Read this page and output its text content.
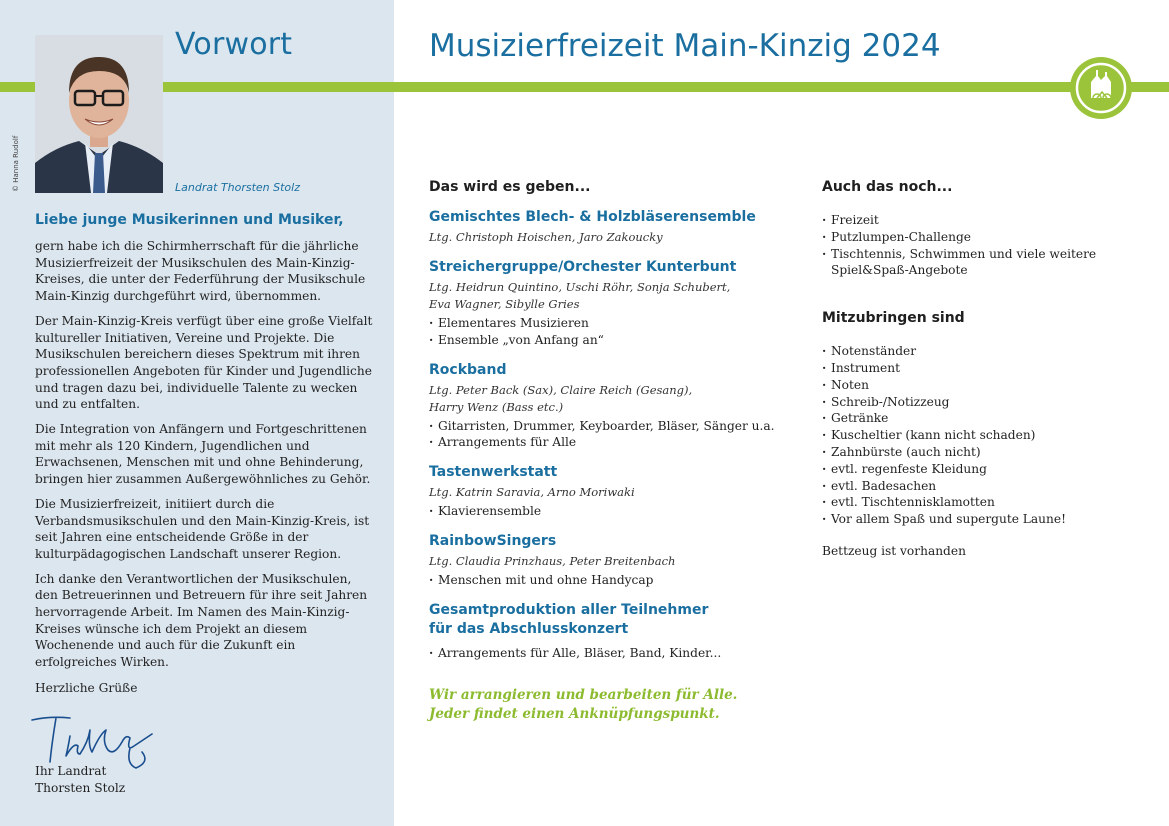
© Hanna Rudolf
Vorwort
Landrat Thorsten Stolz
Liebe junge Musikerinnen und Musiker,

gern habe ich die Schirmherrschaft für die jährliche Musizierfreizeit der Musikschulen des Main-Kinzig-Kreises, die unter der Federführung der Musikschule Main-Kinzig durchgeführt wird, übernommen.

Der Main-Kinzig-Kreis verfügt über eine große Vielfalt kultureller Initiativen, Vereine und Projekte. Die Musikschulen bereichern dieses Spektrum mit ihren professionellen Angeboten für Kinder und Jugendliche und tragen dazu bei, individuelle Talente zu wecken und zu entfalten.

Die Integration von Anfängern und Fortgeschrittenen mit mehr als 120 Kindern, Jugendlichen und Erwachsenen, Menschen mit und ohne Behinderung, bringen hier zusammen Außergewöhnliches zu Gehör.

Die Musizierfreizeit, initiiert durch die Verbandsmusikschulen und den Main-Kinzig-Kreis, ist seit Jahren eine entscheidende Größe in der kulturpädagogischen Landschaft unserer Region.

Ich danke den Verantwortlichen der Musikschulen, den Betreuerinnen und Betreuern für ihre seit Jahren hervorragende Arbeit. Im Namen des Main-Kinzig-Kreises wünsche ich dem Projekt an diesem Wochenende und auch für die Zukunft ein erfolgreiches Wirken.

Herzliche Grüße
Ihr Landrat
Thorsten Stolz
Musizierfreizeit Main-Kinzig 2024
Das wird es geben...
Gemischtes Blech- & Holzbläserensemble
Ltg. Christoph Hoischen, Jaro Zakoucky
Streichergruppe/Orchester Kunterbunt
Ltg. Heidrun Quintino, Uschi Röhr, Sonja Schubert,
Eva Wagner, Sibylle Gries
· Elementares Musizieren
· Ensemble „von Anfang an“
Rockband
Ltg. Peter Back (Sax), Claire Reich (Gesang),
Harry Wenz (Bass etc.)
· Gitarristen, Drummer, Keyboarder, Bläser, Sänger u.a.
· Arrangements für Alle
Tastenwerkstatt
Ltg. Katrin Saravia, Arno Moriwaki
· Klavierensemble
RainbowSingers
Ltg. Claudia Prinzhaus, Peter Breitenbach
· Menschen mit und ohne Handycap
Gesamtproduktion aller Teilnehmer
für das Abschlusskonzert
· Arrangements für Alle, Bläser, Band, Kinder...
Wir arrangieren und bearbeiten für Alle.
Jeder findet einen Anknüpfungspunkt.
Auch das noch...
· Freizeit
· Putzlumpen-Challenge
· Tischtennis, Schwimmen und viele weitere Spiel&Spaß-Angebote
Mitzubringen sind
· Notenständer
· Instrument
· Noten
· Schreib-/Notizzeug
· Getränke
· Kuscheltier (kann nicht schaden)
· Zahnbürste (auch nicht)
· evtl. regenfeste Kleidung
· evtl. Badesachen
· evtl. Tischtennisklamotten
· Vor allem Spaß und supergute Laune!
Bettzeug ist vorhanden
